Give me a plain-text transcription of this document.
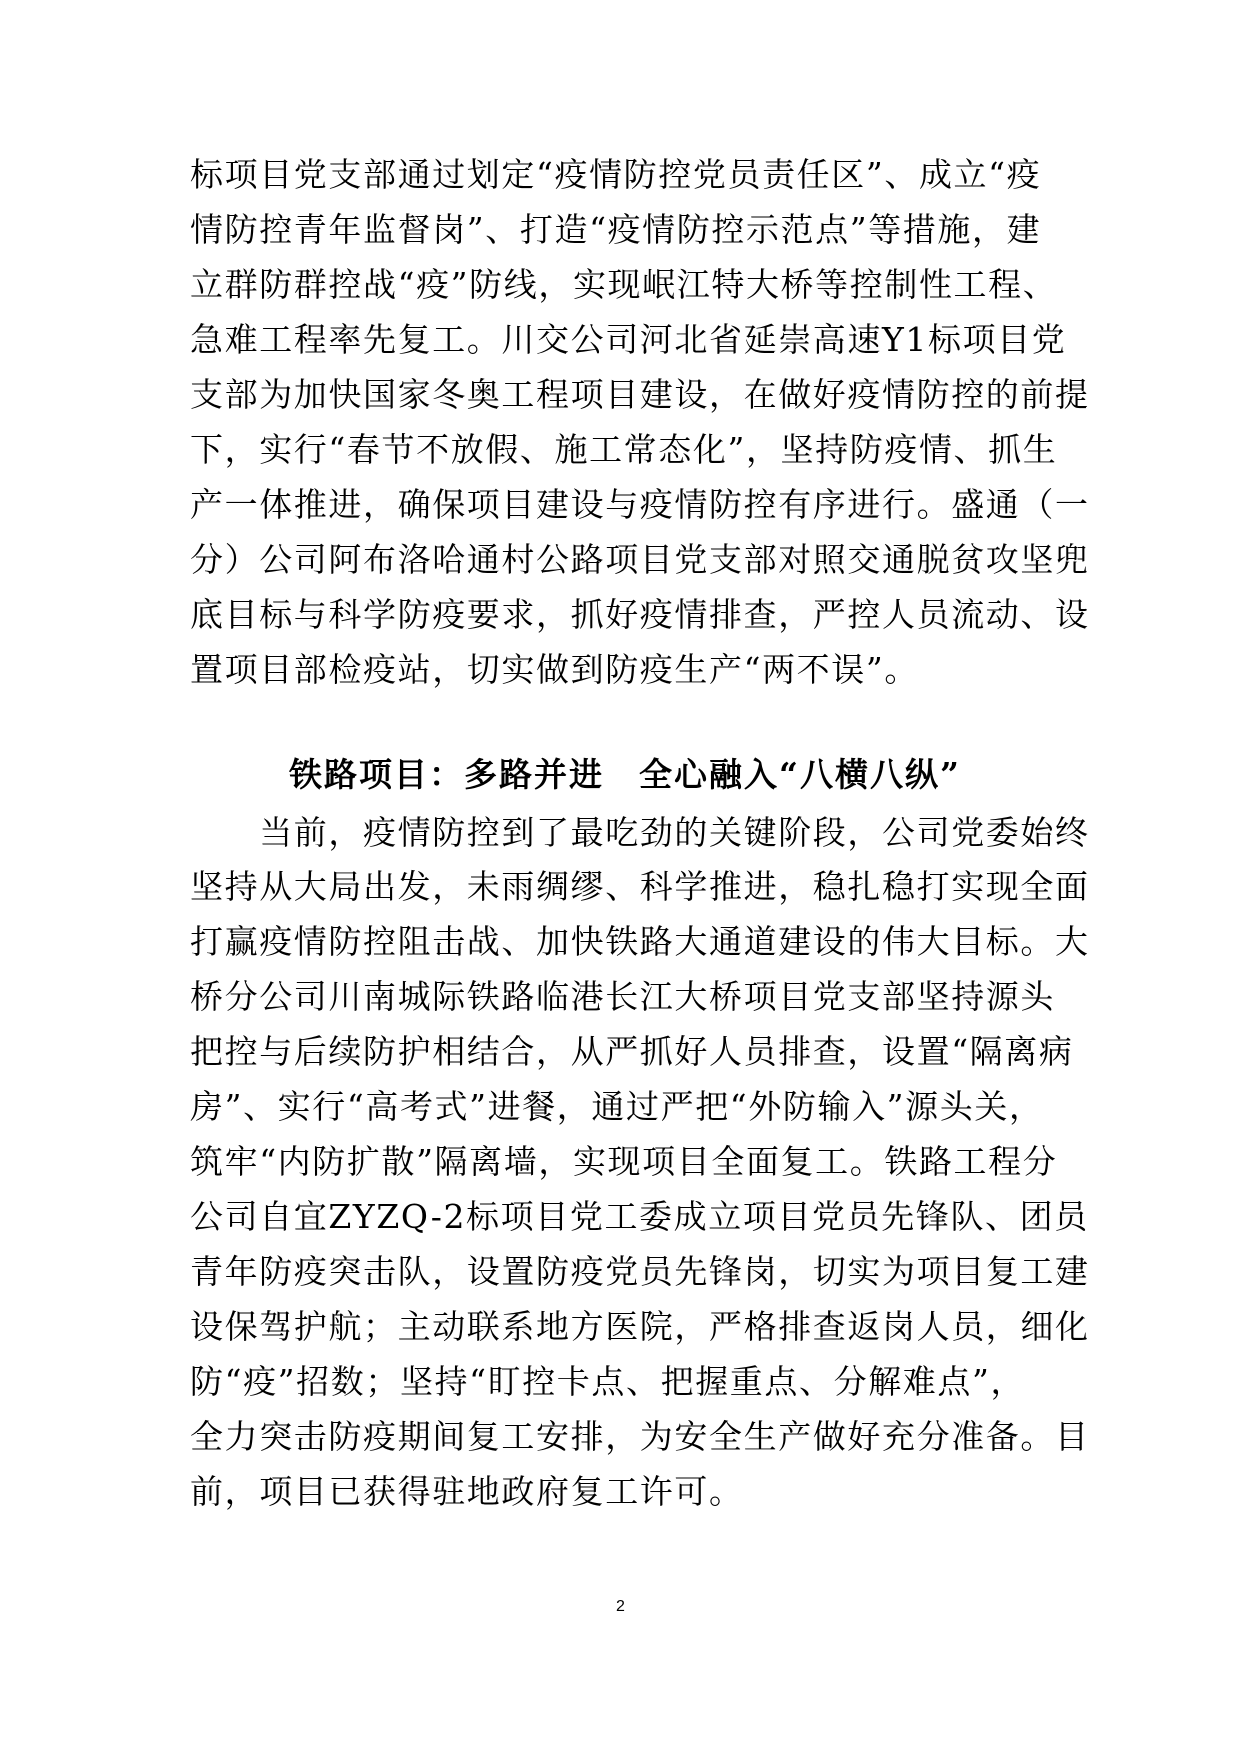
标项目党支部通过划定“疫情防控党员责任区”、成立“疫
情防控青年监督岗”、打造“疫情防控示范点”等措施，建
立群防群控战“疫”防线，实现岷江特大桥等控制性工程、
急难工程率先复工。川交公司河北省延崇高速Y1标项目党
支部为加快国家冬奥工程项目建设，在做好疫情防控的前提
下，实行“春节不放假、施工常态化”，坚持防疫情、抓生
产一体推进，确保项目建设与疫情防控有序进行。盛通（一
分）公司阿布洛哈通村公路项目党支部对照交通脱贫攻坚兜
底目标与科学防疫要求，抓好疫情排查，严控人员流动、设
置项目部检疫站，切实做到防疫生产“两不误”。
铁路项目：多路并进　全心融入“八横八纵”
　　当前，疫情防控到了最吃劲的关键阶段，公司党委始终
坚持从大局出发，未雨绸缪、科学推进，稳扎稳打实现全面
打赢疫情防控阻击战、加快铁路大通道建设的伟大目标。大
桥分公司川南城际铁路临港长江大桥项目党支部坚持源头
把控与后续防护相结合，从严抓好人员排查，设置“隔离病
房”、实行“高考式”进餐，通过严把“外防输入”源头关，
筑牢“内防扩散”隔离墙，实现项目全面复工。铁路工程分
公司自宜ZYZQ-2标项目党工委成立项目党员先锋队、团员
青年防疫突击队，设置防疫党员先锋岗，切实为项目复工建
设保驾护航；主动联系地方医院，严格排查返岗人员，细化
防“疫”招数；坚持“盯控卡点、把握重点、分解难点”，
全力突击防疫期间复工安排，为安全生产做好充分准备。目
前，项目已获得驻地政府复工许可。
2
